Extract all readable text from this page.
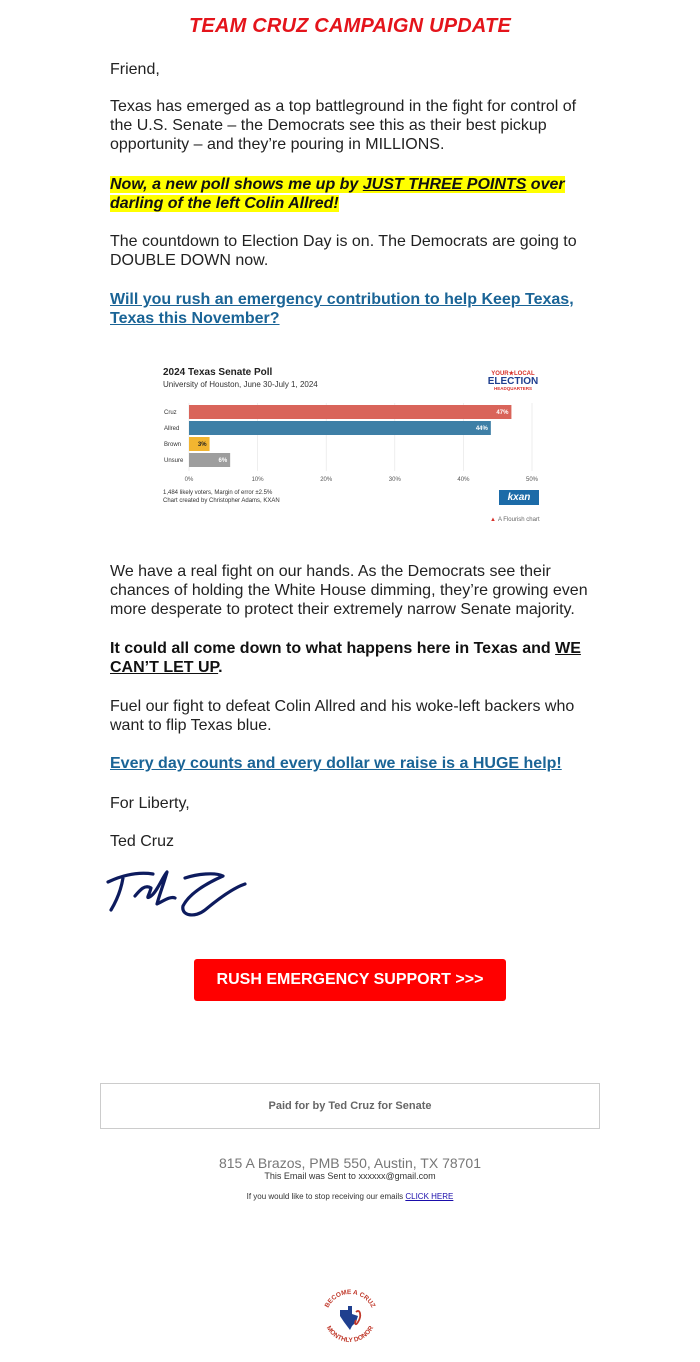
TEAM CRUZ CAMPAIGN UPDATE
Friend,
Texas has emerged as a top battleground in the fight for control of the U.S. Senate – the Democrats see this as their best pickup opportunity – and they’re pouring in MILLIONS.
Now, a new poll shows me up by JUST THREE POINTS over darling of the left Colin Allred!
The countdown to Election Day is on. The Democrats are going to DOUBLE DOWN now.
Will you rush an emergency contribution to help Keep Texas, Texas this November?
2024 Texas Senate Poll
University of Houston, June 30-July 1, 2024
YOUR★LOCAL
ELECTION
HEADQUARTERS
0%	10%	20%	30%	40%	50%
Cruz	47%
Allred	44%
Brown	3%
Unsure	6%
1,484 likely voters, Margin of error ±2.5%
Chart created by Christopher Adams, KXAN	kxan
▲ A Flourish chart
We have a real fight on our hands. As the Democrats see their chances of holding the White House dimming, they’re growing even more desperate to protect their extremely narrow Senate majority.
It could all come down to what happens here in Texas and WE CAN’T LET UP.
Fuel our fight to defeat Colin Allred and his woke-left backers who want to flip Texas blue.
Every day counts and every dollar we raise is a HUGE help!
For Liberty,
Ted Cruz
RUSH EMERGENCY SUPPORT >>>
Paid for by Ted Cruz for Senate
815 A Brazos, PMB 550, Austin, TX 78701
This Email was Sent to xxxxxx@gmail.com
If you would like to stop receiving our emails CLICK HERE
BECOME A CRUZ
MONTHLY DONOR
